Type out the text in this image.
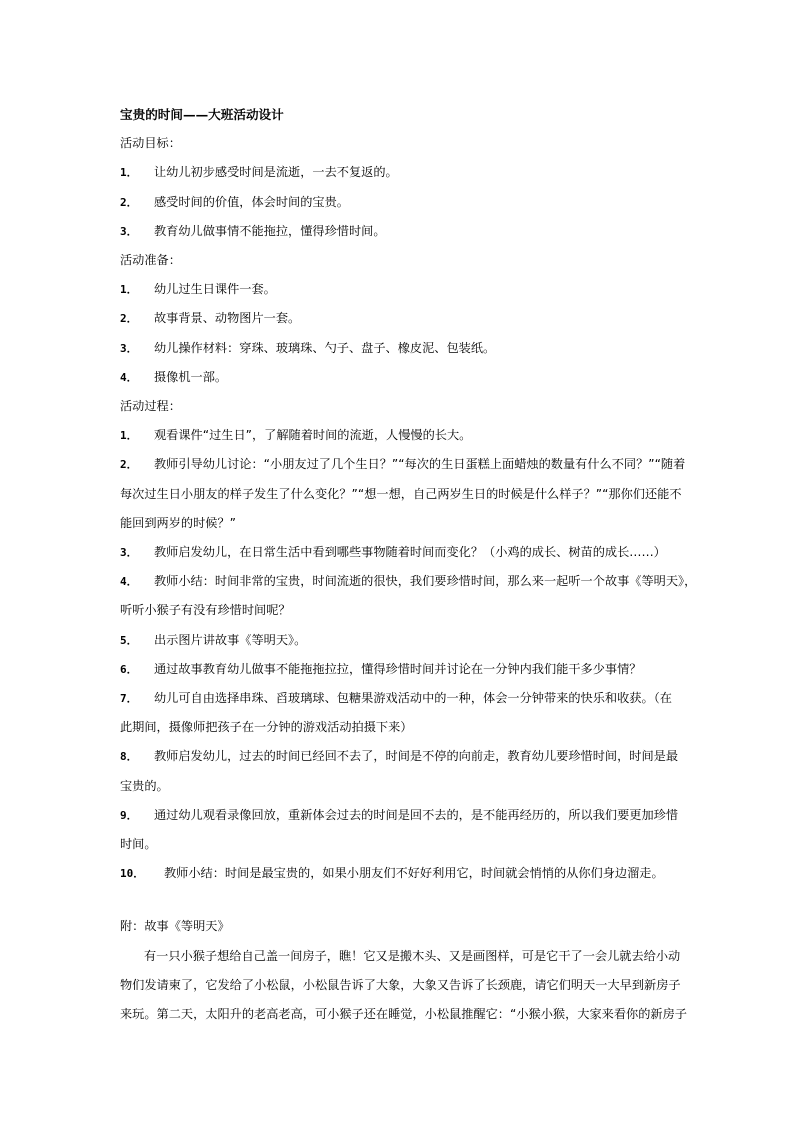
宝贵的时间——大班活动设计
活动目标：
1． 让幼儿初步感受时间是流逝，一去不复返的。
2． 感受时间的价值，体会时间的宝贵。
3． 教育幼儿做事情不能拖拉，懂得珍惜时间。
活动准备：
1． 幼儿过生日课件一套。
2． 故事背景、动物图片一套。
3． 幼儿操作材料：穿珠、玻璃珠、勺子、盘子、橡皮泥、包装纸。
4． 摄像机一部。
活动过程：
1． 观看课件“过生日”，了解随着时间的流逝，人慢慢的长大。
2． 教师引导幼儿讨论：“小朋友过了几个生日？”“每次的生日蛋糕上面蜡烛的数量有什么不同？”“随着
每次过生日小朋友的样子发生了什么变化？”“想一想，自己两岁生日的时候是什么样子？”“那你们还能不
能回到两岁的时候？”
3． 教师启发幼儿，在日常生活中看到哪些事物随着时间而变化？（小鸡的成长、树苗的成长……）
4． 教师小结：时间非常的宝贵，时间流逝的很快，我们要珍惜时间，那么来一起听一个故事《等明天》，
听听小猴子有没有珍惜时间呢？
5． 出示图片讲故事《等明天》。
6． 通过故事教育幼儿做事不能拖拖拉拉，懂得珍惜时间并讨论在一分钟内我们能干多少事情？
7． 幼儿可自由选择串珠、舀玻璃球、包糖果游戏活动中的一种，体会一分钟带来的快乐和收获。（在
此期间，摄像师把孩子在一分钟的游戏活动拍摄下来）
8． 教师启发幼儿，过去的时间已经回不去了，时间是不停的向前走，教育幼儿要珍惜时间，时间是最
宝贵的。
9． 通过幼儿观看录像回放，重新体会过去的时间是回不去的，是不能再经历的，所以我们要更加珍惜
时间。
10． 教师小结：时间是最宝贵的，如果小朋友们不好好利用它，时间就会悄悄的从你们身边溜走。
附：故事《等明天》
有一只小猴子想给自己盖一间房子，瞧！它又是搬木头、又是画图样，可是它干了一会儿就去给小动
物们发请柬了，它发给了小松鼠，小松鼠告诉了大象，大象又告诉了长颈鹿，请它们明天一大早到新房子
来玩。第二天，太阳升的老高老高，可小猴子还在睡觉，小松鼠推醒它：“小猴小猴，大家来看你的新房子
